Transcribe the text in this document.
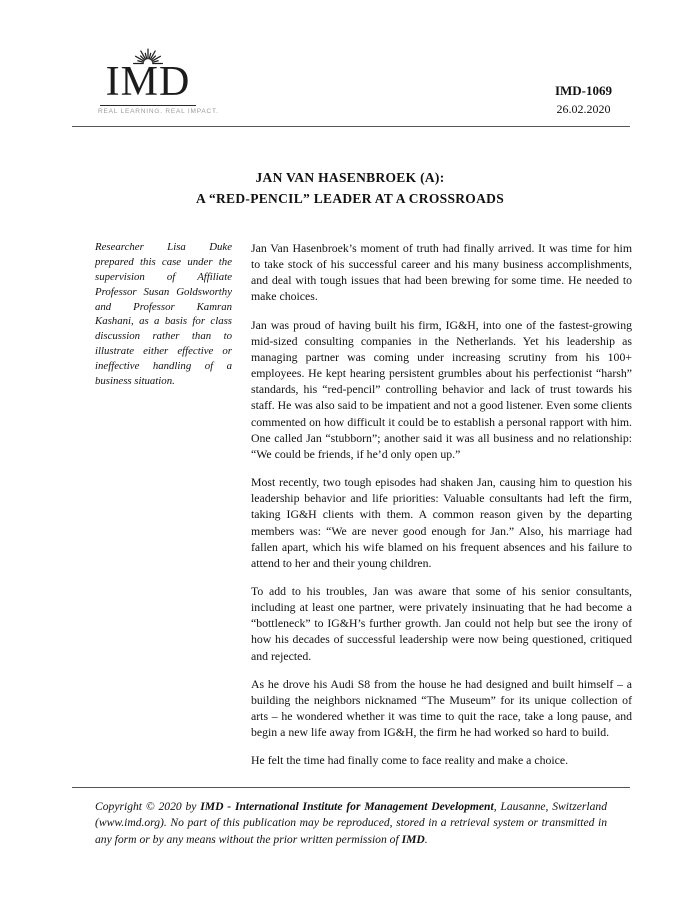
IMD
REAL LEARNING. REAL IMPACT.
IMD-1069
26.02.2020
JAN VAN HASENBROEK (A):
A “RED-PENCIL” LEADER AT A CROSSROADS
Researcher Lisa Duke prepared this case under the supervision of Affiliate Professor Susan Goldsworthy and Professor Kamran Kashani, as a basis for class discussion rather than to illustrate either effective or ineffective handling of a business situation.

Jan Van Hasenbroek’s moment of truth had finally arrived. It was time for him to take stock of his successful career and his many business accomplishments, and deal with tough issues that had been brewing for some time. He needed to make choices.

Jan was proud of having built his firm, IG&H, into one of the fastest-growing mid-sized consulting companies in the Netherlands. Yet his leadership as managing partner was coming under increasing scrutiny from his 100+ employees. He kept hearing persistent grumbles about his perfectionist “harsh” standards, his “red-pencil” controlling behavior and lack of trust towards his staff. He was also said to be impatient and not a good listener. Even some clients commented on how difficult it could be to establish a personal rapport with him. One called Jan “stubborn”; another said it was all business and no relationship: “We could be friends, if he’d only open up.”

Most recently, two tough episodes had shaken Jan, causing him to question his leadership behavior and life priorities: Valuable consultants had left the firm, taking IG&H clients with them. A common reason given by the departing members was: “We are never good enough for Jan.” Also, his marriage had fallen apart, which his wife blamed on his frequent absences and his failure to attend to her and their young children.

To add to his troubles, Jan was aware that some of his senior consultants, including at least one partner, were privately insinuating that he had become a “bottleneck” to IG&H’s further growth. Jan could not help but see the irony of how his decades of successful leadership were now being questioned, critiqued and rejected.

As he drove his Audi S8 from the house he had designed and built himself – a building the neighbors nicknamed “The Museum” for its unique collection of arts – he wondered whether it was time to quit the race, take a long pause, and begin a new life away from IG&H, the firm he had worked so hard to build.

He felt the time had finally come to face reality and make a choice.

Copyright © 2020 by IMD - International Institute for Management Development, Lausanne, Switzerland (www.imd.org). No part of this publication may be reproduced, stored in a retrieval system or transmitted in any form or by any means without the prior written permission of IMD.
